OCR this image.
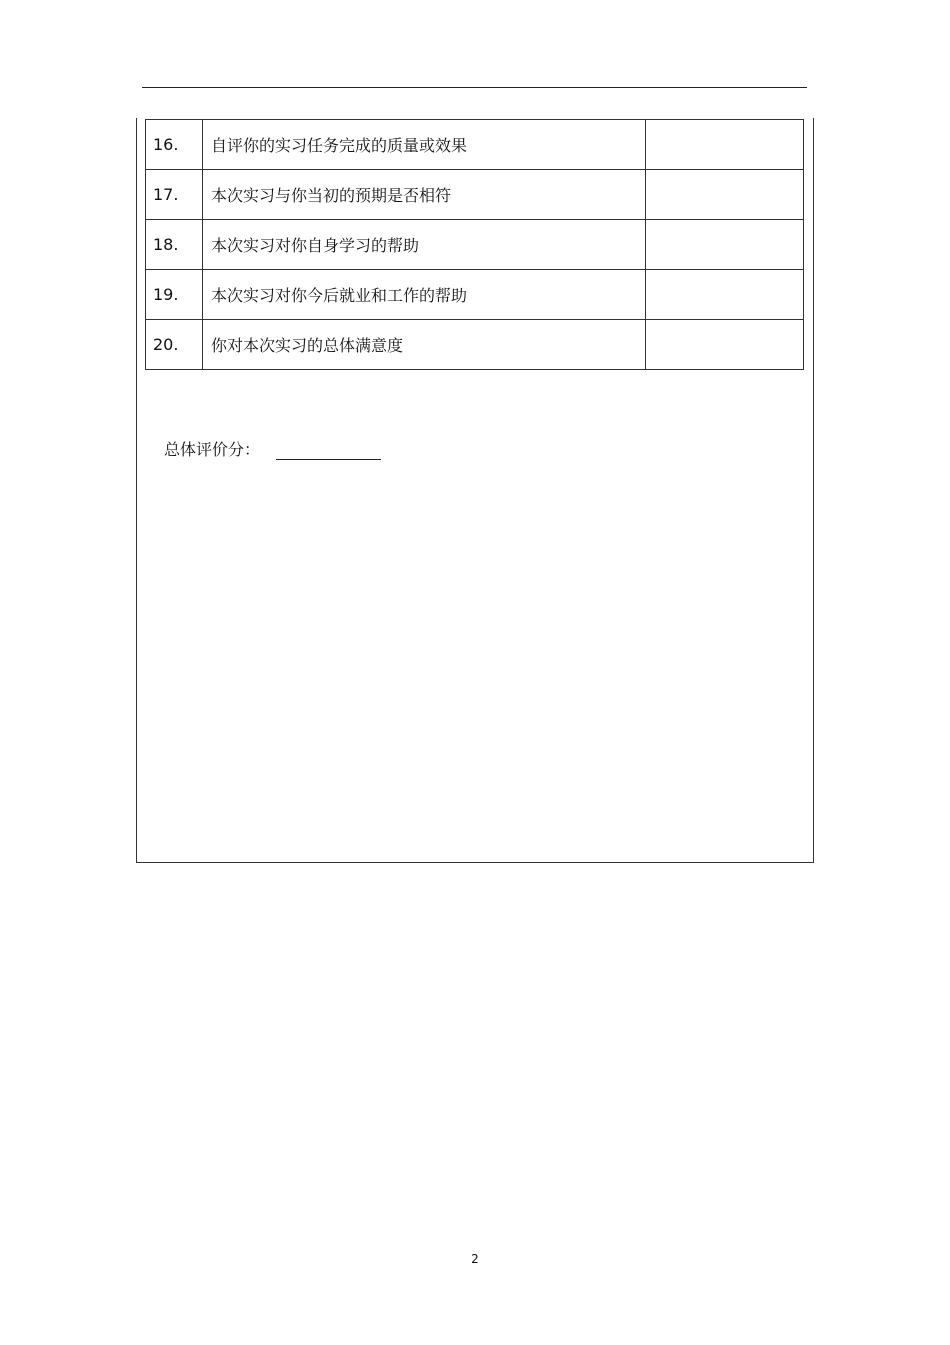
16.	自评你的实习任务完成的质量或效果	
17.	本次实习与你当初的预期是否相符	
18.	本次实习对你自身学习的帮助	
19.	本次实习对你今后就业和工作的帮助	
20.	你对本次实习的总体满意度	
总体评价分：
2
